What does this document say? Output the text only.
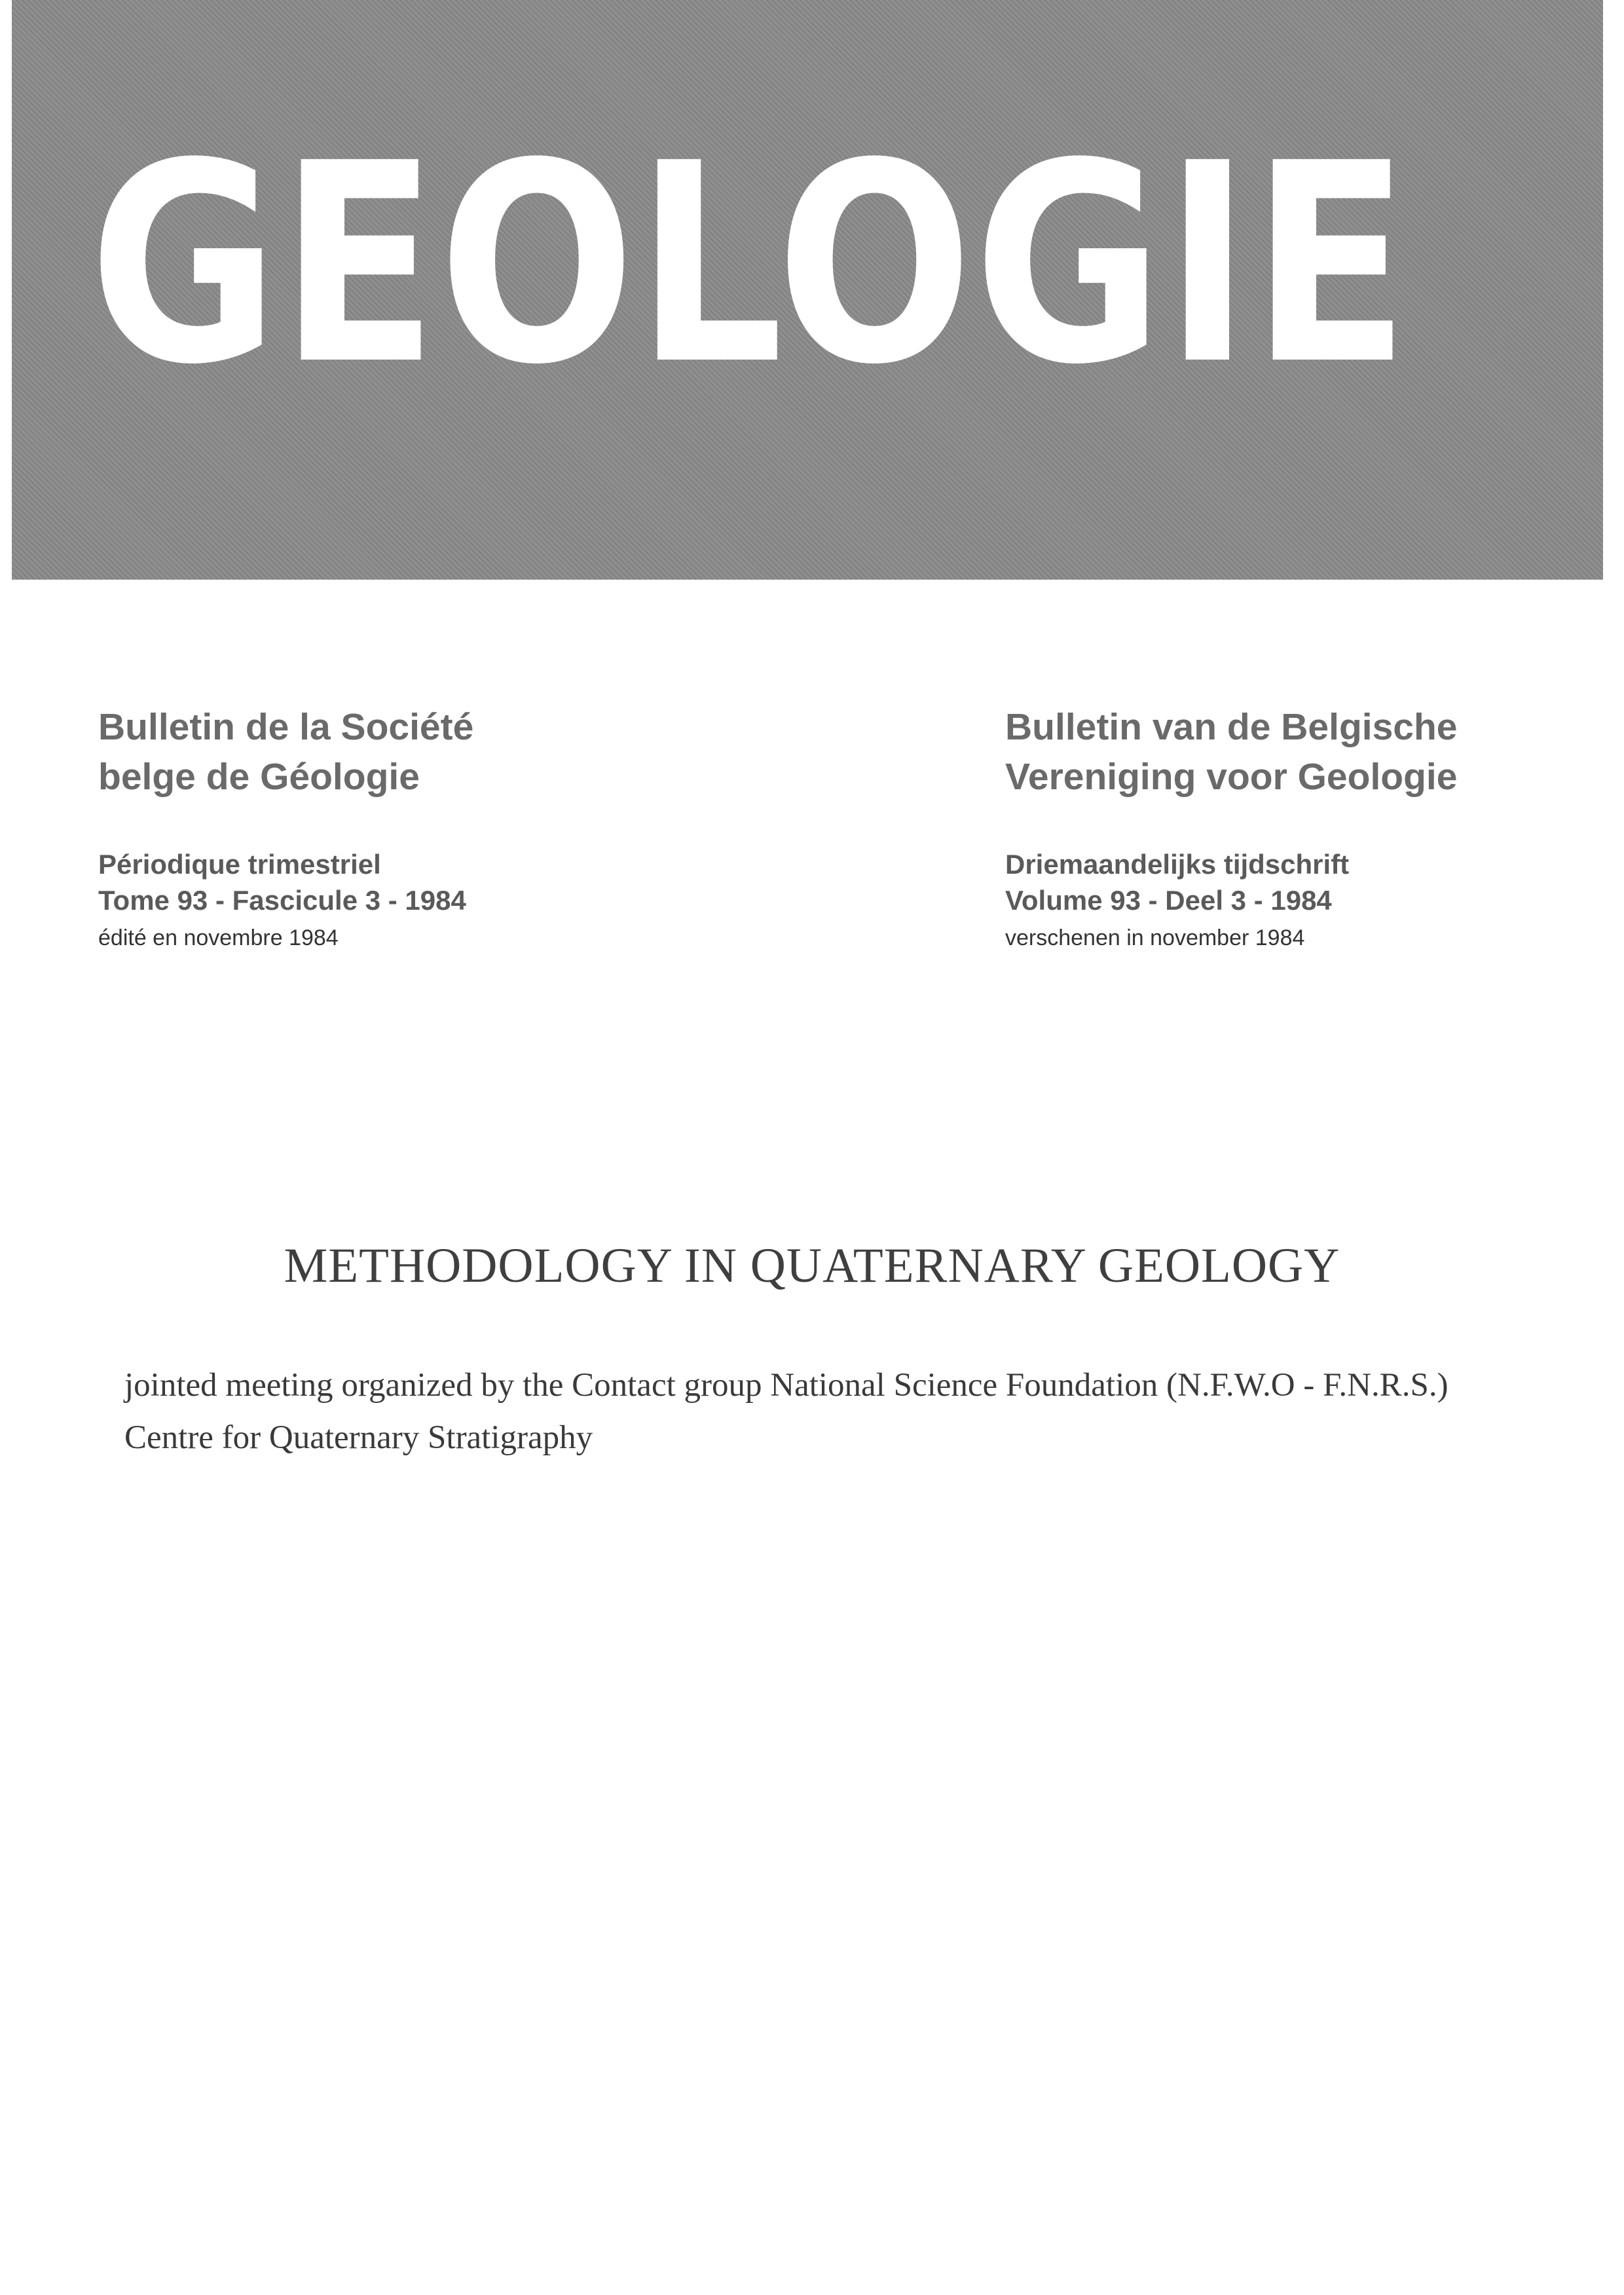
GEOLOGIE

Bulletin de la Société

belge de Géologie

Périodique trimestriel

Tome 93 - Fascicule 3 - 1984

édité en novembre 1984

Bulletin van de Belgische

Vereniging voor Geologie

Driemaandelijks tijdschrift

Volume 93 - Deel 3 - 1984

verschenen in november 1984

METHODOLOGY IN QUATERNARY GEOLOGY
jointed meeting organized by the Contact group National Science Foundation (N.F.W.O - F.N.R.S.)
Centre for Quaternary Stratigraphy
